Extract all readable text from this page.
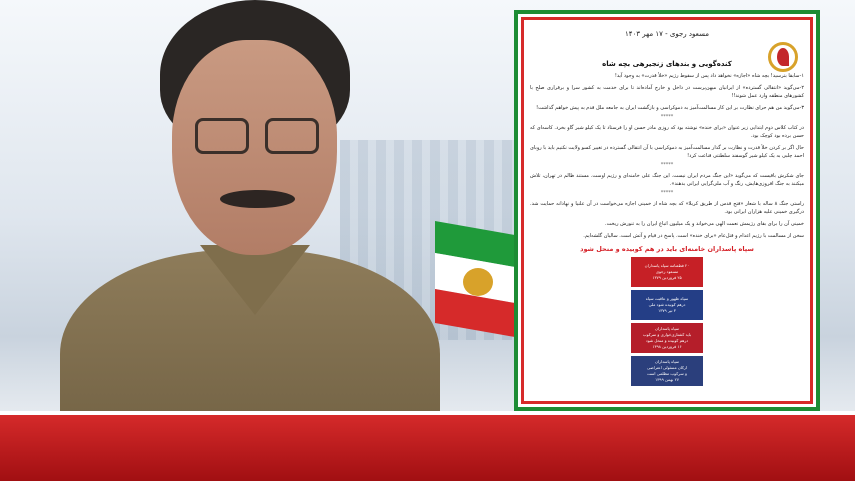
مسعود رجوی - ۱۷ مهر ۱۴۰۳
کنده‌گویی و بندهای زنجیرهی بچه شاه
۱-سابقا بترسید! بچه شاه «اجازه» نخواهد داد پس از سقوط رژیم «خلأ قدرت» به وجود آید!
۲-می‌گوید «انتقالی گسترده» از ایرانیان میهن‌پرست در داخل و خارج آماده‌اند تا برای خدمت به کشور سرا و برقراری صلح با کشورهای منطقه وارد عمل شوند!!
۳-می‌گوید من هم حرای نظارت بر این کار مسالمت‌آمیز به دموکراسی و بازگشت ایران به جامعه ملل قدم به پیش خواهم گذاشت!
*****
در کتاب کلاس دوم ابتدایی زیر عنوان «برای خنده» نوشته بود که روزی مادر حسن او را فرستاد تا یک کیلو شیر گاو بخرد. کاسه‌ای که حسن برده بود کوچک بود.
حال اگر بر کردن خلأ قدرت و نظارت بر گذار مسالمت‌آمیز به دموکراسی با آن انتقالی گسترده در تغییر کسو ولایت نکنیم باید با روبای احمد چلبی به یک کیلو شیر گوسفند سلطنتی قناعت کرد!
*****
جای شکرش باقیست که می‌گوید «این جنگ مردم ایران نیست. این جنگ علی خامنه‌ای و رژیم اوست. مستند ظالم در تهران، تلاش میکنند به جنگ افروزی‌هایش، رنگ و آب ملی‌گرایی ایرانی بدهند».
*****
راستی جنگ ۸ ساله با شعار «فتح قدس از طریق کربلا» که بچه شاه از خمینی اجازه می‌خواست در آن علنیا و نهادانه حمایت شد. درگیری خمینی علیه هزاران ایرانی بود.
خمینی آن را برای بقای رژیمش نعمت الهی می‌خواند و یک میلیون اتباع ایران را به تنورش ریخت.
سخن از مسالمت با رژیم اعدام و قتل‌عام «برای خنده» است. پاسخ در قیام و آتش است. سالیان گلشه‌ایم.
سپاه پاسداران خامنه‌ای باید در هم کوبیده و منحل شود
۲۰ فطعنامه سپاه پاسداران
مسعود رجوی
۲۵ فروردین ۱۳۷۹
سپاه ظهور و عاقبت سپاه
درهم کوبیده شود ملی
۳ تیر ۱۳۷۹
سپاه پاسداران
باید کشتاری‌خواری و سرکوب
درهم کوبیده و منحل شود
۱۶ فروردین ۱۳۹۸
سپاه پاسداران
ارکان مسئولی اعتراضی
و سرکوب مظلمی است
۲۷ بهمن ۱۳۹۹
